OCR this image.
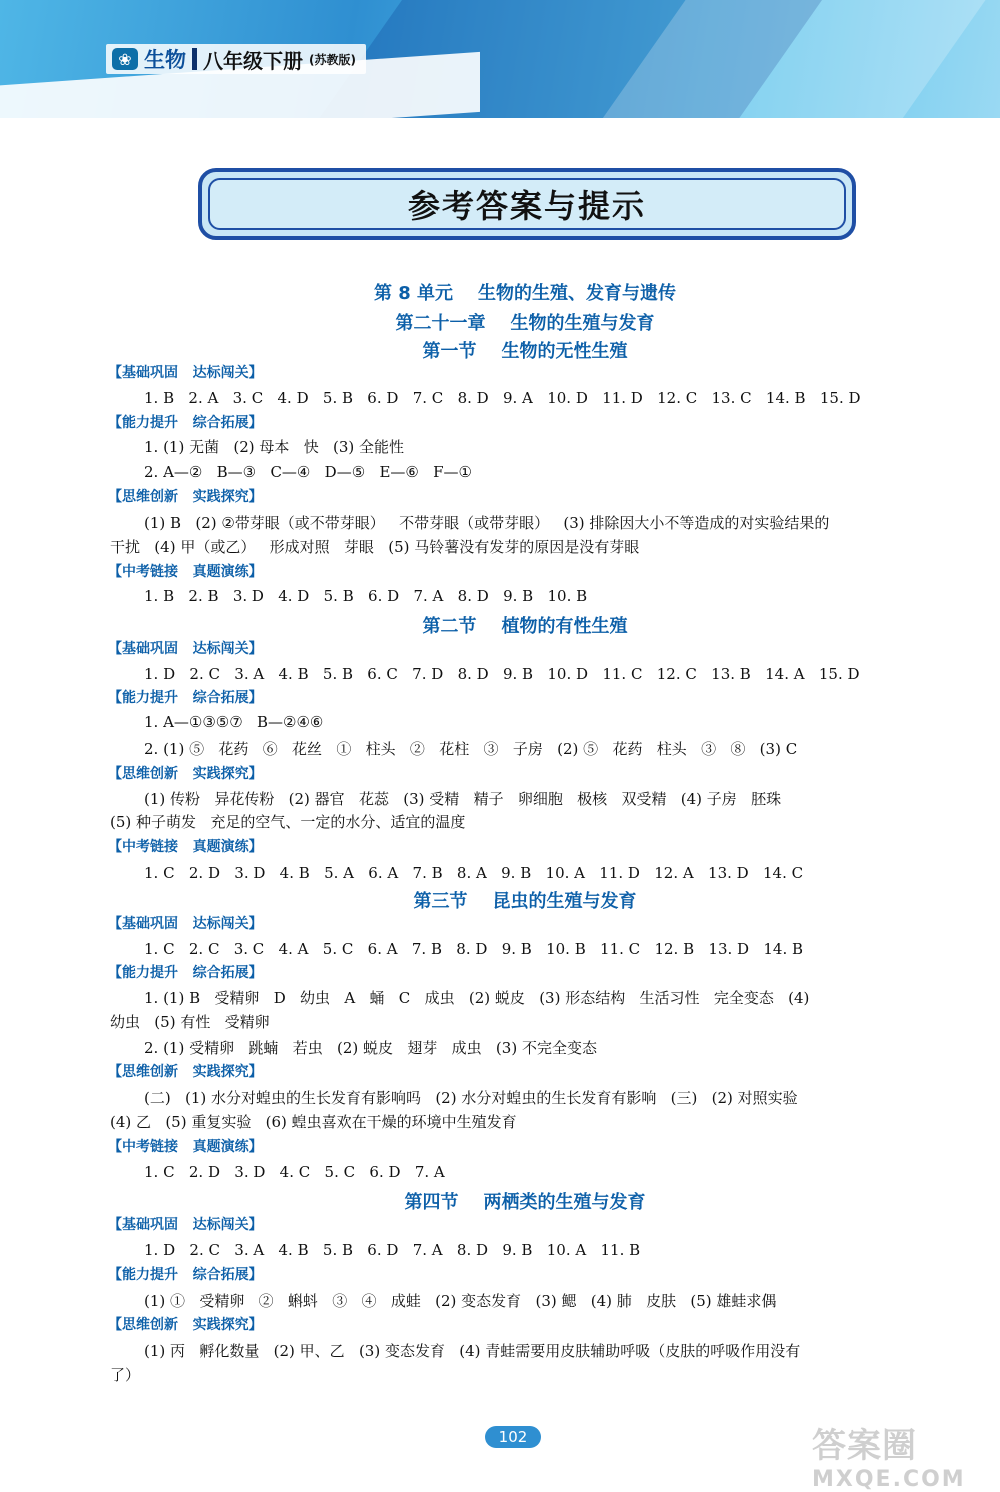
❀ 生物 八年级下册 (苏教版)
参考答案与提示
第 8 单元    生物的生殖、发育与遗传
第二十一章    生物的生殖与发育
第一节    生物的无性生殖
【基础巩固   达标闯关】
1. B   2. A   3. C   4. D   5. B   6. D   7. C   8. D   9. A   10. D   11. D   12. C   13. C   14. B   15. D
【能力提升   综合拓展】
1. (1) 无菌   (2) 母本   快   (3) 全能性
2. A—②   B—③   C—④   D—⑤   E—⑥   F—①
【思维创新   实践探究】
(1) B   (2) ②带芽眼（或不带芽眼）   不带芽眼（或带芽眼）   (3) 排除因大小不等造成的对实验结果的
干扰   (4) 甲（或乙）   形成对照   芽眼   (5) 马铃薯没有发芽的原因是没有芽眼
【中考链接   真题演练】
1. B   2. B   3. D   4. D   5. B   6. D   7. A   8. D   9. B   10. B
第二节    植物的有性生殖
【基础巩固   达标闯关】
1. D   2. C   3. A   4. B   5. B   6. C   7. D   8. D   9. B   10. D   11. C   12. C   13. B   14. A   15. D
【能力提升   综合拓展】
1. A—①③⑤⑦   B—②④⑥
2. (1) ⑤   花药   ⑥   花丝   ①   柱头   ②   花柱   ③   子房   (2) ⑤   花药   柱头   ③   ⑧   (3) C
【思维创新   实践探究】
(1) 传粉   异花传粉   (2) 器官   花蕊   (3) 受精   精子   卵细胞   极核   双受精   (4) 子房   胚珠
(5) 种子萌发   充足的空气、一定的水分、适宜的温度
【中考链接   真题演练】
1. C   2. D   3. D   4. B   5. A   6. A   7. B   8. A   9. B   10. A   11. D   12. A   13. D   14. C
第三节    昆虫的生殖与发育
【基础巩固   达标闯关】
1. C   2. C   3. C   4. A   5. C   6. A   7. B   8. D   9. B   10. B   11. C   12. B   13. D   14. B
【能力提升   综合拓展】
1. (1) B   受精卵   D   幼虫   A   蛹   C   成虫   (2) 蜕皮   (3) 形态结构   生活习性   完全变态   (4)
幼虫   (5) 有性   受精卵
2. (1) 受精卵   跳蝻   若虫   (2) 蜕皮   翅芽   成虫   (3) 不完全变态
【思维创新   实践探究】
(二)   (1) 水分对蝗虫的生长发育有影响吗   (2) 水分对蝗虫的生长发育有影响   (三)   (2) 对照实验
(4) 乙   (5) 重复实验   (6) 蝗虫喜欢在干燥的环境中生殖发育
【中考链接   真题演练】
1. C   2. D   3. D   4. C   5. C   6. D   7. A
第四节    两栖类的生殖与发育
【基础巩固   达标闯关】
1. D   2. C   3. A   4. B   5. B   6. D   7. A   8. D   9. B   10. A   11. B
【能力提升   综合拓展】
(1) ①   受精卵   ②   蝌蚪   ③   ④   成蛙   (2) 变态发育   (3) 鳃   (4) 肺   皮肤   (5) 雄蛙求偶
【思维创新   实践探究】
(1) 丙   孵化数量   (2) 甲、乙   (3) 变态发育   (4) 青蛙需要用皮肤辅助呼吸（皮肤的呼吸作用没有
了）
102	答案圈
MXQE.COM
